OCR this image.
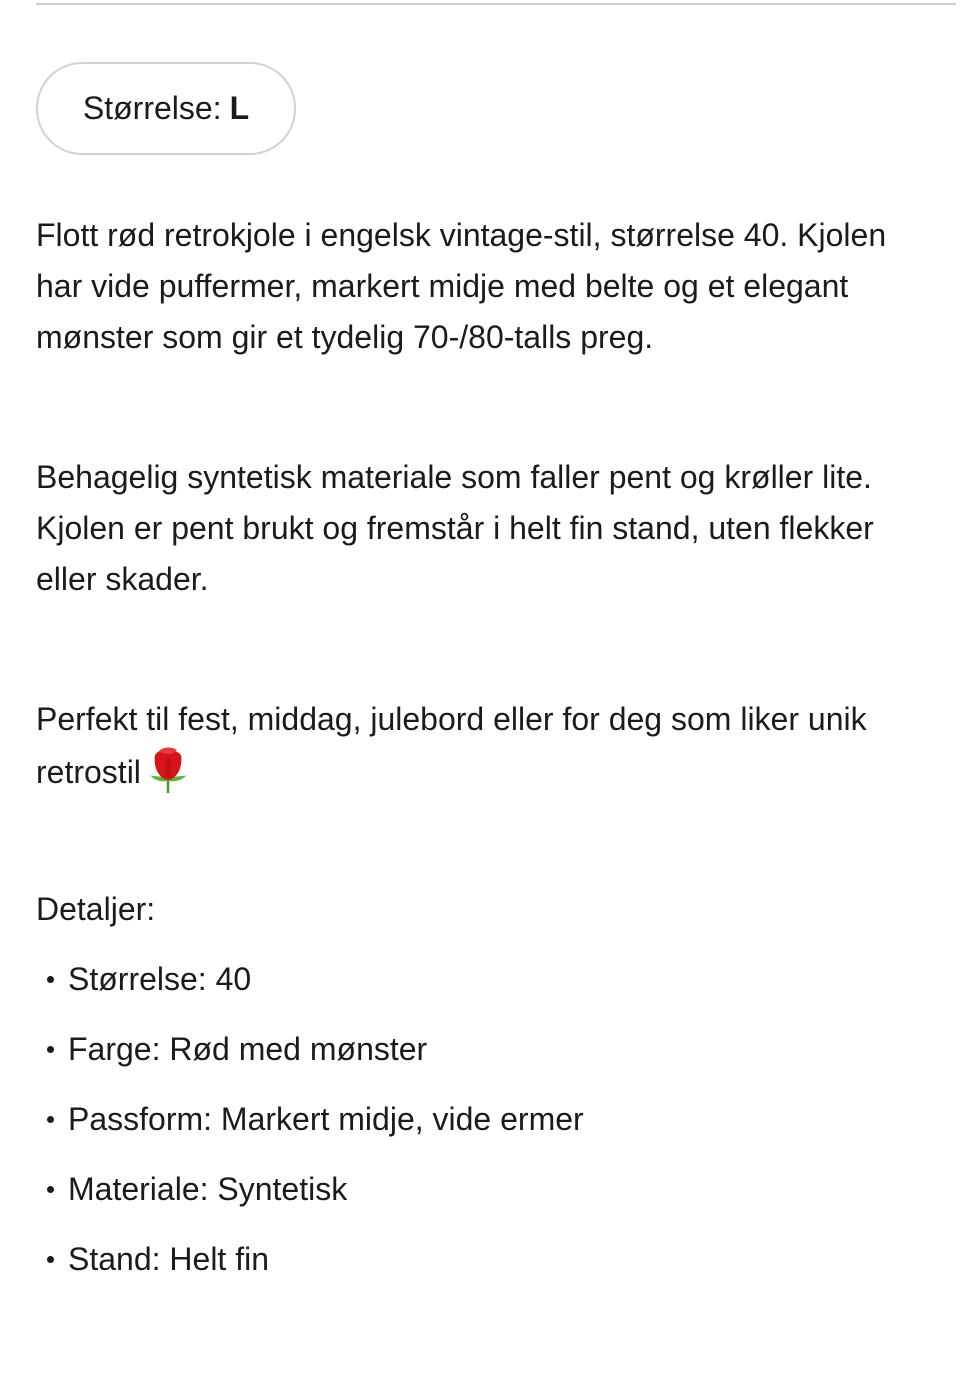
Størrelse: L
Flott rød retrokjole i engelsk vintage-stil, størrelse 40. Kjolen har vide puffermer, markert midje med belte og et elegant mønster som gir et tydelig 70-/80-talls preg.
Behagelig syntetisk materiale som faller pent og krøller lite. Kjolen er pent brukt og fremstår i helt fin stand, uten flekker eller skader.
Perfekt til fest, middag, julebord eller for deg som liker unik retrostil
Detaljer:
Størrelse: 40
Farge: Rød med mønster
Passform: Markert midje, vide ermer
Materiale: Syntetisk
Stand: Helt fin
